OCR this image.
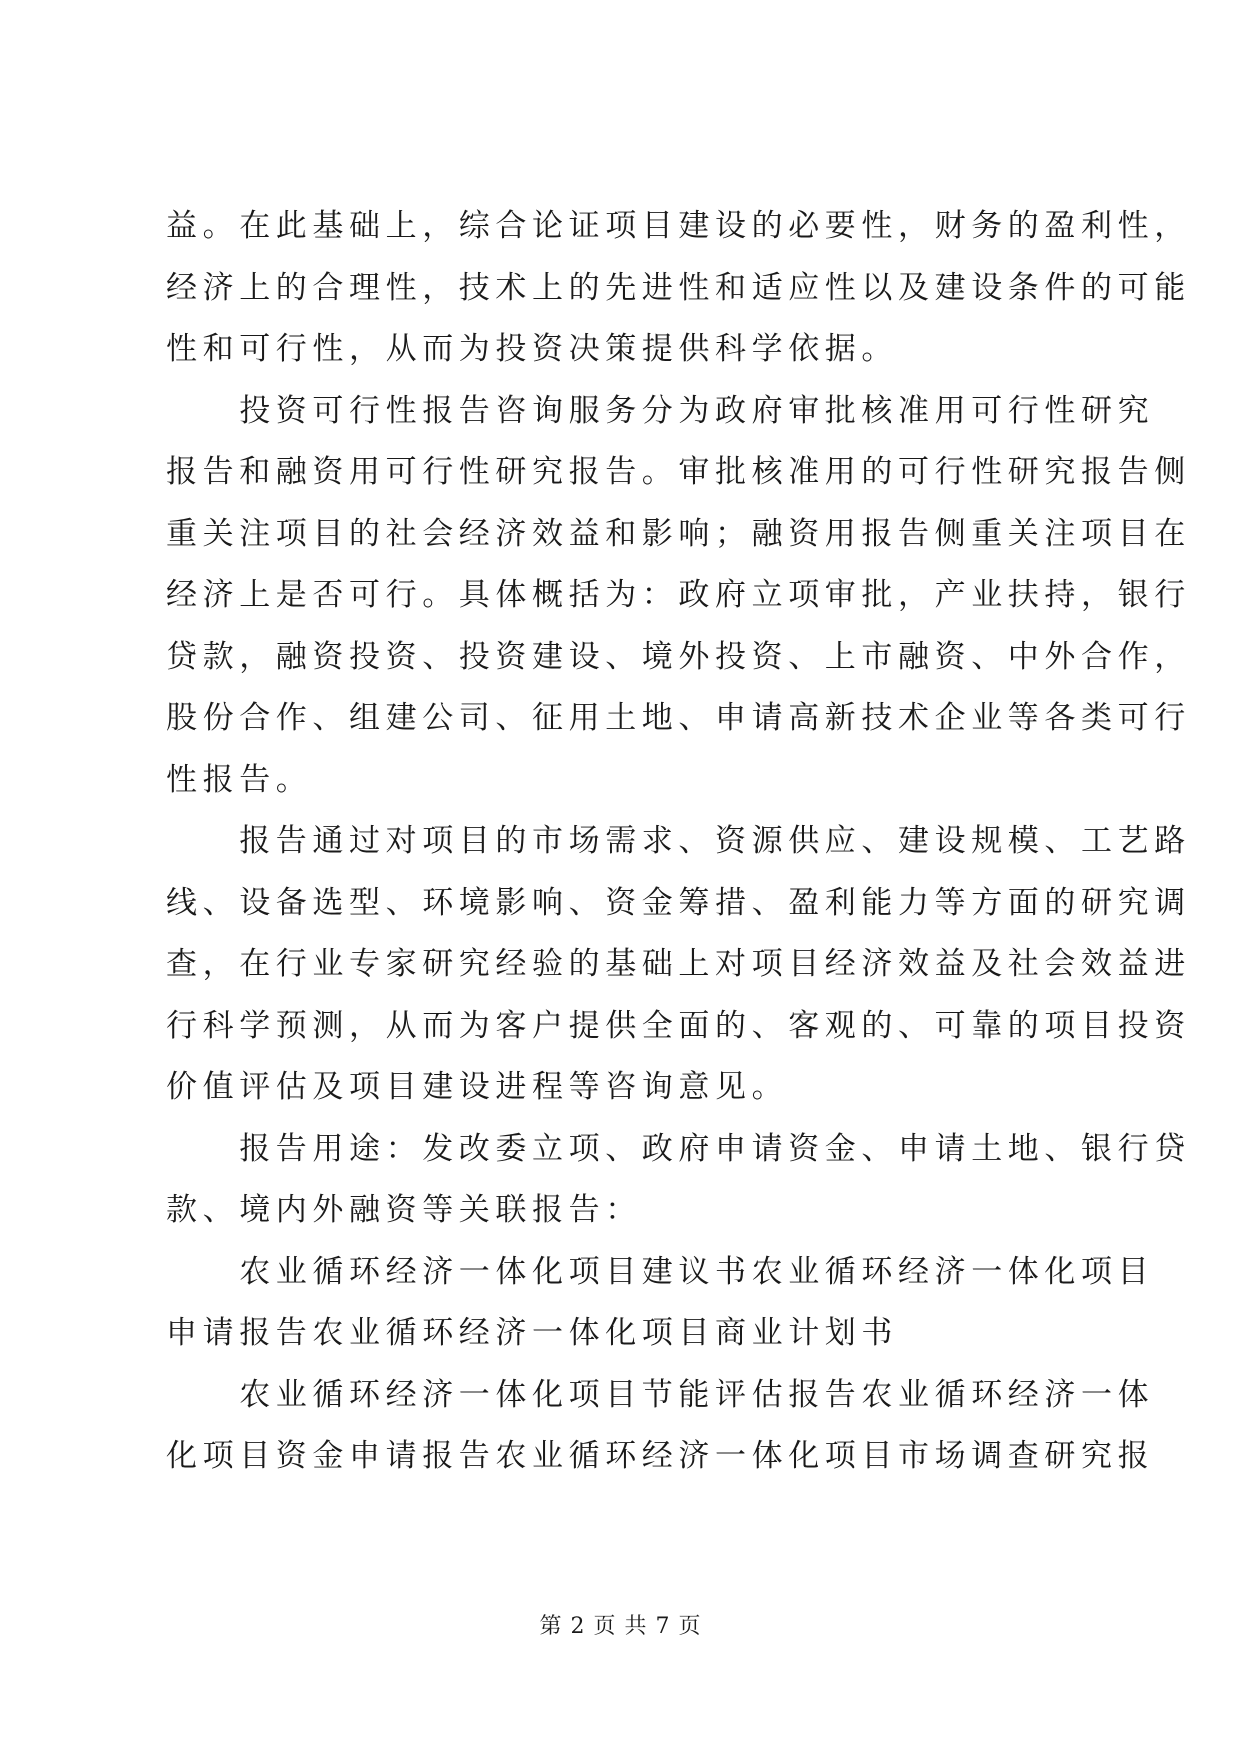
益。在此基础上，综合论证项目建设的必要性，财务的盈利性，
经济上的合理性，技术上的先进性和适应性以及建设条件的可能
性和可行性，从而为投资决策提供科学依据。
　　投资可行性报告咨询服务分为政府审批核准用可行性研究
报告和融资用可行性研究报告。审批核准用的可行性研究报告侧
重关注项目的社会经济效益和影响；融资用报告侧重关注项目在
经济上是否可行。具体概括为：政府立项审批，产业扶持，银行
贷款，融资投资、投资建设、境外投资、上市融资、中外合作，
股份合作、组建公司、征用土地、申请高新技术企业等各类可行
性报告。
　　报告通过对项目的市场需求、资源供应、建设规模、工艺路
线、设备选型、环境影响、资金筹措、盈利能力等方面的研究调
查，在行业专家研究经验的基础上对项目经济效益及社会效益进
行科学预测，从而为客户提供全面的、客观的、可靠的项目投资
价值评估及项目建设进程等咨询意见。
　　报告用途：发改委立项、政府申请资金、申请土地、银行贷
款、境内外融资等关联报告：
　　农业循环经济一体化项目建议书农业循环经济一体化项目
申请报告农业循环经济一体化项目商业计划书
　　农业循环经济一体化项目节能评估报告农业循环经济一体
化项目资金申请报告农业循环经济一体化项目市场调查研究报
第 2 页 共 7 页
